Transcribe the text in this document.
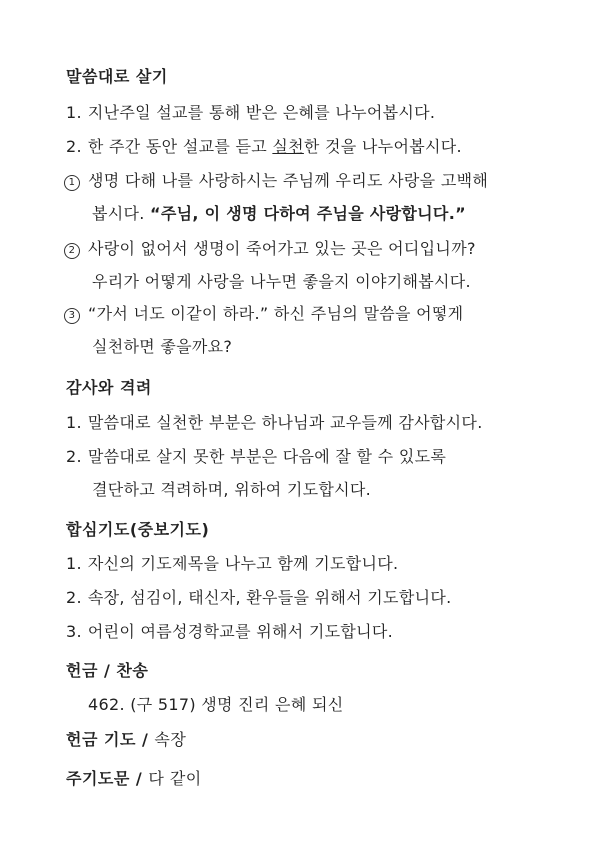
말씀대로 살기
1. 지난주일 설교를 통해 받은 은혜를 나누어봅시다.
2. 한 주간 동안 설교를 듣고 실천한 것을 나누어봅시다.
1 생명 다해 나를 사랑하시는 주님께 우리도 사랑을 고백해
봅시다. “주님, 이 생명 다하여 주님을 사랑합니다.”
2 사랑이 없어서 생명이 죽어가고 있는 곳은 어디입니까?
우리가 어떻게 사랑을 나누면 좋을지 이야기해봅시다.
3 “가서 너도 이같이 하라.” 하신 주님의 말씀을 어떻게
실천하면 좋을까요?
감사와 격려
1. 말씀대로 실천한 부분은 하나님과 교우들께 감사합시다.
2. 말씀대로 살지 못한 부분은 다음에 잘 할 수 있도록
결단하고 격려하며, 위하여 기도합시다.
합심기도(중보기도)
1. 자신의 기도제목을 나누고 함께 기도합니다.
2. 속장, 섬김이, 태신자, 환우들을 위해서 기도합니다.
3. 어린이 여름성경학교를 위해서 기도합니다.
헌금 / 찬송
462. (구 517) 생명 진리 은혜 되신
헌금 기도 / 속장
주기도문 / 다 같이
